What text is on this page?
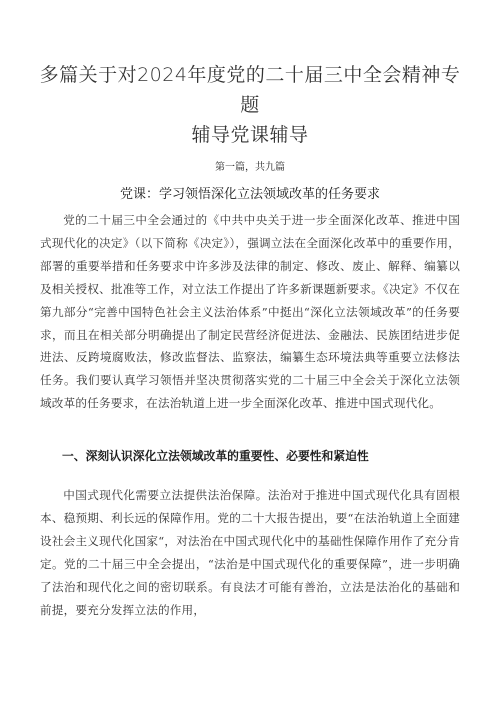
多篇关于对2024年度党的二十届三中全会精神专题
辅导党课辅导
第一篇，共九篇
党课：学习领悟深化立法领域改革的任务要求

党的二十届三中全会通过的《中共中央关于进一步全面深化改革、推进中国式现代化的决定》（以下简称《决定》），强调立法在全面深化改革中的重要作用，部署的重要举措和任务要求中许多涉及法律的制定、修改、废止、解释、编纂以及相关授权、批准等工作，对立法工作提出了许多新课题新要求。《决定》不仅在第九部分“完善中国特色社会主义法治体系”中挺出“深化立法领域改革”的任务要求，而且在相关部分明确提出了制定民营经济促进法、金融法、民族团结进步促进法、反跨境腐败法，修改监督法、监察法，编纂生态环境法典等重要立法修法任务。我们要认真学习领悟并坚决贯彻落实党的二十届三中全会关于深化立法领域改革的任务要求，在法治轨道上进一步全面深化改革、推进中国式现代化。

一、深刻认识深化立法领域改革的重要性、必要性和紧迫性

中国式现代化需要立法提供法治保障。法治对于推进中国式现代化具有固根本、稳预期、利长远的保障作用。党的二十大报告提出，要“在法治轨道上全面建设社会主义现代化国家“，对法治在中国式现代化中的基础性保障作用作了充分肯定。党的二十届三中全会提出，“法治是中国式现代化的重要保障”，进一步明确了法治和现代化之间的密切联系。有良法才可能有善治，立法是法治化的基础和前提，要充分发挥立法的作用，
